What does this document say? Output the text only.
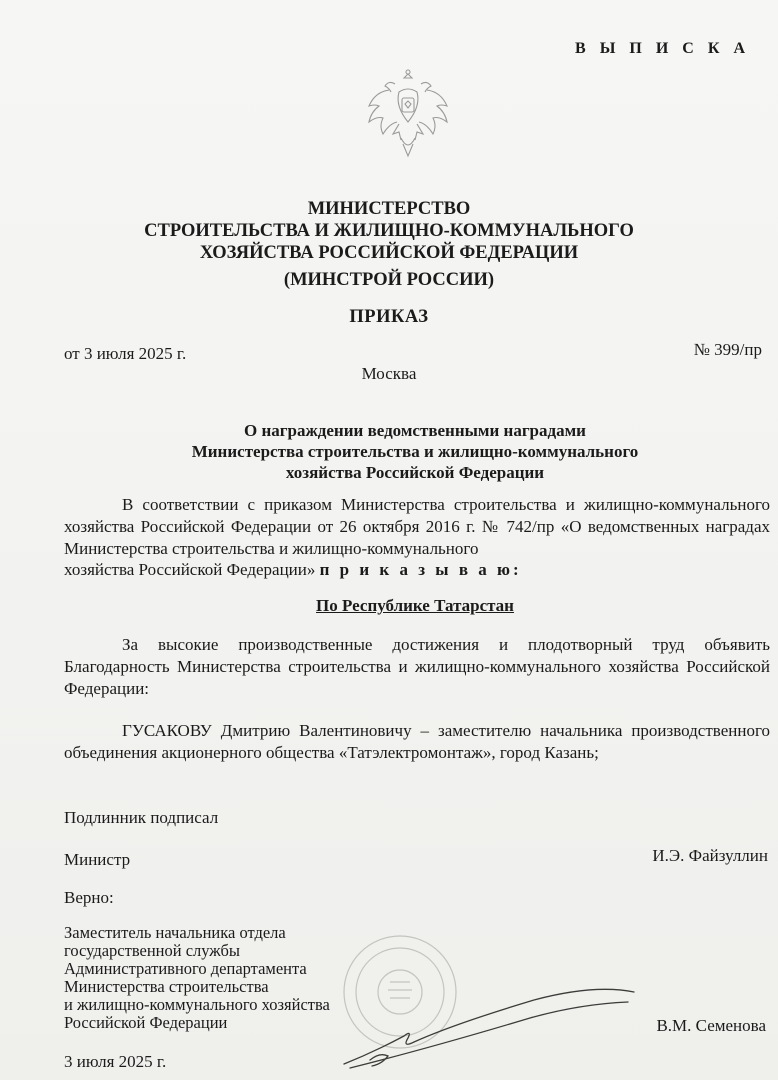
В Ы П И С К А
МИНИСТЕРСТВО
СТРОИТЕЛЬСТВА И ЖИЛИЩНО-КОММУНАЛЬНОГО
ХОЗЯЙСТВА РОССИЙСКОЙ ФЕДЕРАЦИИ
(МИНСТРОЙ РОССИИ)
ПРИКАЗ
от 3 июля 2025 г.	№ 399/пр
Москва
О награждении ведомственными наградами
Министерства строительства и жилищно-коммунального
хозяйства Российской Федерации
В соответствии с приказом Министерства строительства и жилищно-коммунального хозяйства Российской Федерации от 26 октября 2016 г. № 742/пр «О ведомственных наградах Министерства строительства и жилищно-коммунального
хозяйства Российской Федерации» п р и к а з ы в а ю:
По Республике Татарстан
За высокие производственные достижения и плодотворный труд объявить Благодарность Министерства строительства и жилищно-коммунального хозяйства Российской Федерации:
ГУСАКОВУ Дмитрию Валентиновичу – заместителю начальника производственного объединения акционерного общества «Татэлектромонтаж», город Казань;
Подлинник подписал
Министр	И.Э. Файзуллин
Верно:
Заместитель начальника отдела
государственной службы
Административного департамента
Министерства строительства
и жилищно-коммунального хозяйства
Российской Федерации	В.М. Семенова
3 июля 2025 г.
